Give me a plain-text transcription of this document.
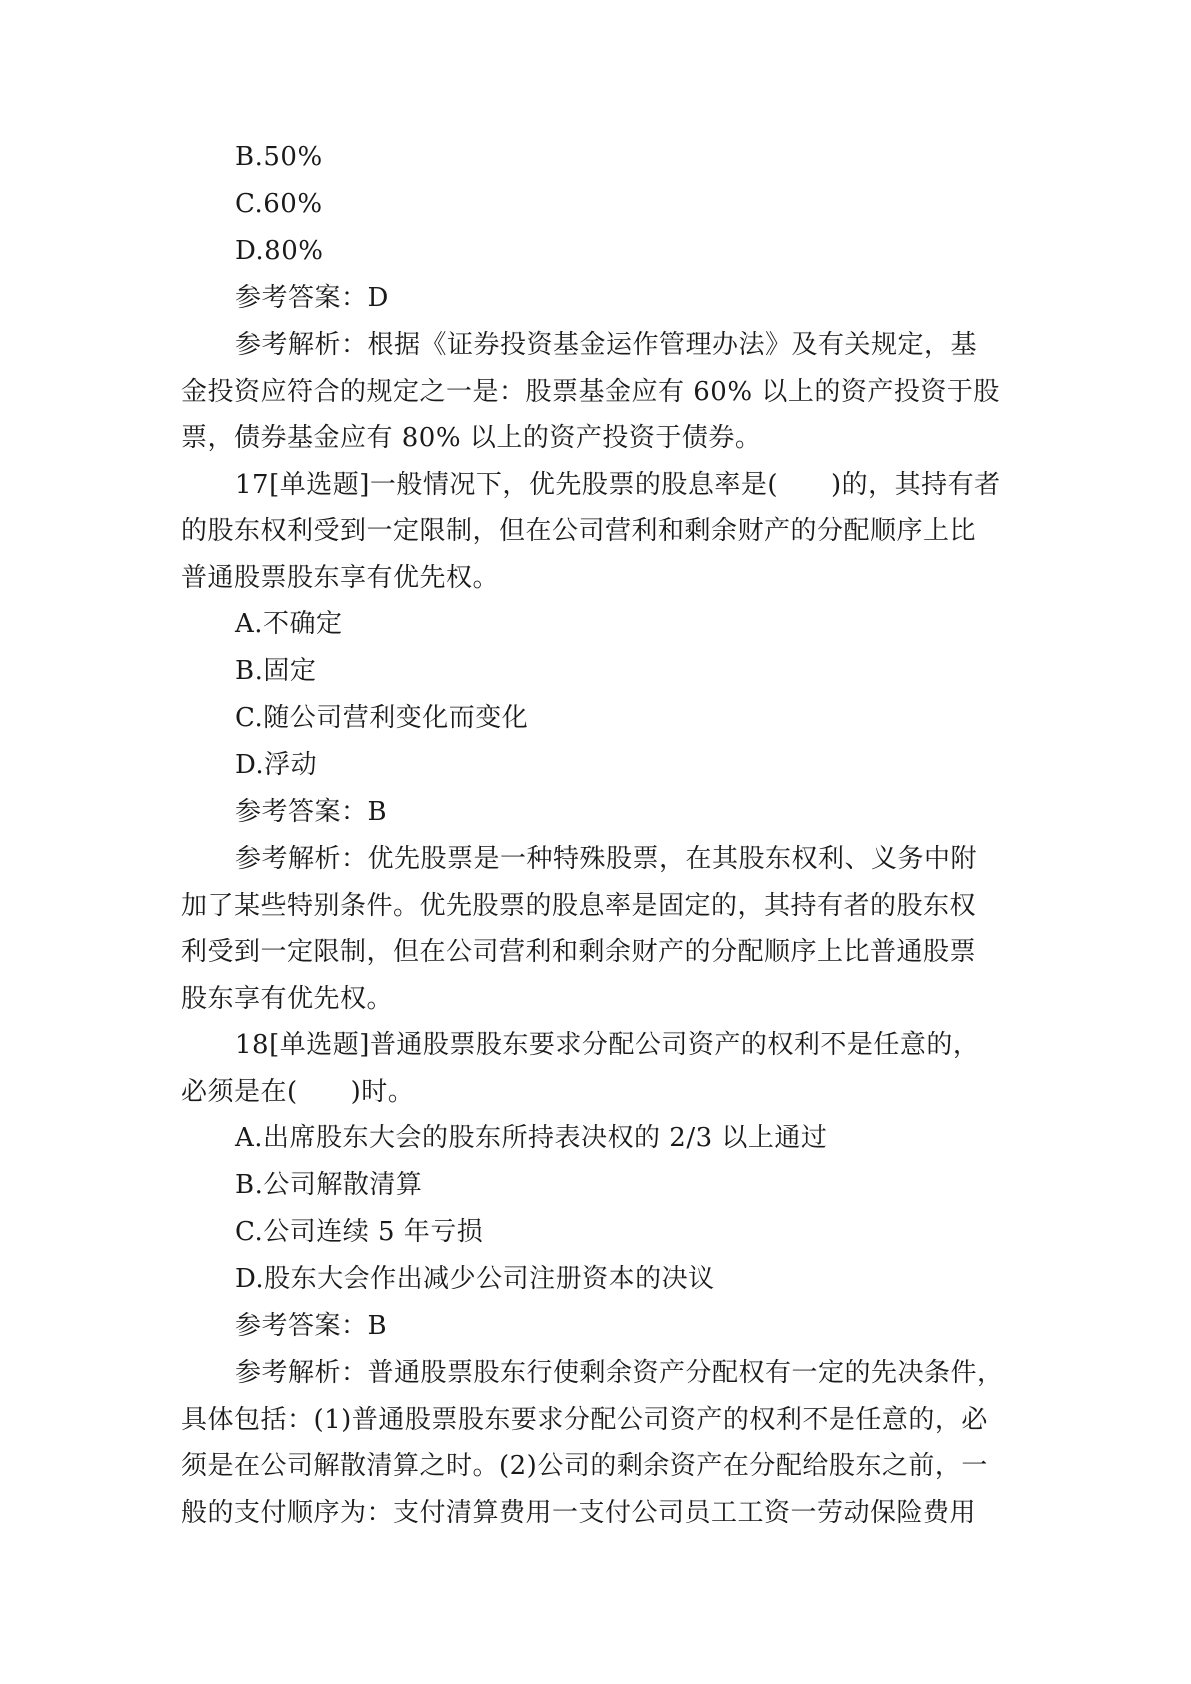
B.50%
C.60%
D.80%
参考答案：D
参考解析：根据《证券投资基金运作管理办法》及有关规定，基
金投资应符合的规定之一是：股票基金应有 60% 以上的资产投资于股
票，债券基金应有 80% 以上的资产投资于债券。
17[单选题]一般情况下，优先股票的股息率是(　　)的，其持有者
的股东权利受到一定限制，但在公司营利和剩余财产的分配顺序上比
普通股票股东享有优先权。
A.不确定
B.固定
C.随公司营利变化而变化
D.浮动
参考答案：B
参考解析：优先股票是一种特殊股票，在其股东权利、义务中附
加了某些特别条件。优先股票的股息率是固定的，其持有者的股东权
利受到一定限制，但在公司营利和剩余财产的分配顺序上比普通股票
股东享有优先权。
18[单选题]普通股票股东要求分配公司资产的权利不是任意的，
必须是在(　　)时。
A.出席股东大会的股东所持表决权的 2/3 以上通过
B.公司解散清算
C.公司连续 5 年亏损
D.股东大会作出减少公司注册资本的决议
参考答案：B
参考解析：普通股票股东行使剩余资产分配权有一定的先决条件，
具体包括：(1)普通股票股东要求分配公司资产的权利不是任意的，必
须是在公司解散清算之时。(2)公司的剩余资产在分配给股东之前，一
般的支付顺序为：支付清算费用一支付公司员工工资一劳动保险费用
